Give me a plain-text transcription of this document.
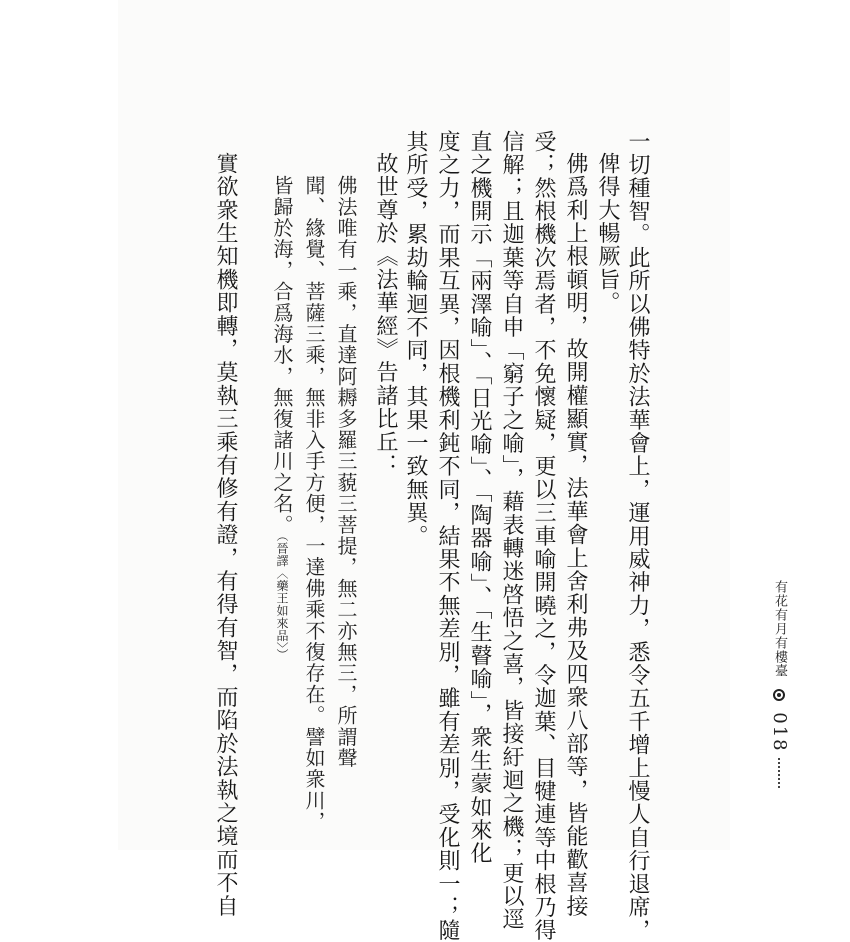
一切種智。此所以佛特於法華會上，運用威神力，悉令五千增上慢人自行退席，
俾得大暢厥旨。
佛爲利上根頓明，故開權顯實，法華會上舍利弗及四衆八部等，皆能歡喜接
受；然根機次焉者，不免懷疑，更以三車喻開曉之，令迦葉、目犍連等中根乃得
信解；且迦葉等自申「窮子之喻」，藉表轉迷啓悟之喜，皆接紆迴之機；更以逕
直之機開示「兩澤喻」、「日光喻」、「陶器喻」、「生瞽喻」，衆生蒙如來化
度之力，而果互異，因根機利鈍不同，結果不無差別，雖有差別，受化則一；隨
其所受，累劫輪迴不同，其果一致無異。
故世尊於《法華經》告諸比丘：
佛法唯有一乘，直達阿耨多羅三藐三菩提，無二亦無三，所謂聲
聞、緣覺、菩薩三乘，無非入手方便，一達佛乘不復存在。譬如衆川，
皆歸於海，合爲海水，無復諸川之名。（晉譯〈藥王如來品〉）
實欲衆生知機即轉，莫執三乘有修有證，有得有智，而陷於法執之境而不自	有花有月有樓臺  018
